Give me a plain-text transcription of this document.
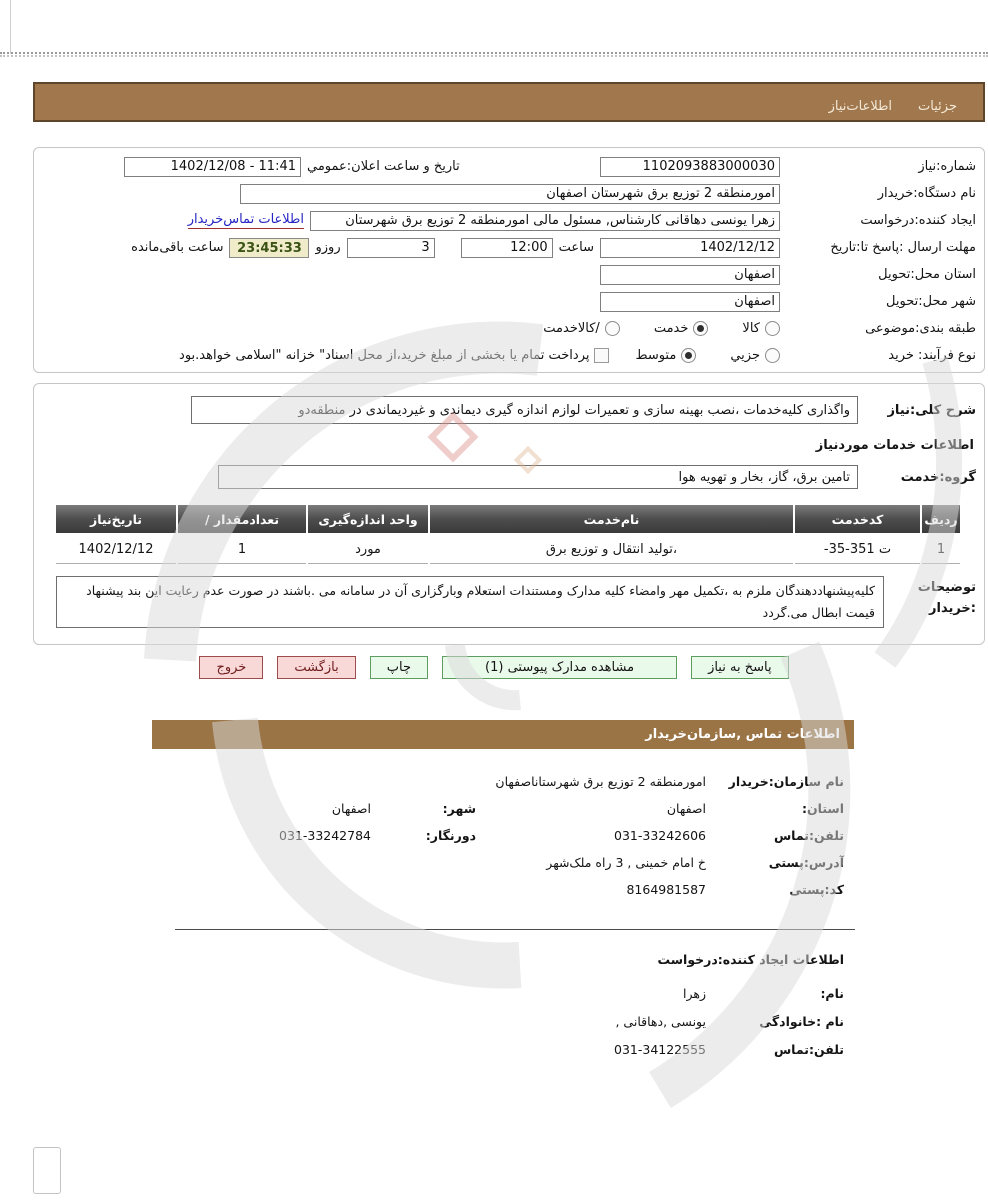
جزئیات
اطلاعات‌نیاز
شماره:نیاز
1102093883000030
تاریخ و ساعت اعلان:عمومي
1402/12/08 - 11:41
نام دستگاه:خریدار
امورمنطقه 2 توزیع برق شهرستان اصفهان
ایجاد کننده:درخواست
زهرا یونسی دهاقانی کارشناس, مسئول مالی امورمنطقه 2 توزیع برق شهرستان
اطلاعات تماس‌خریدار
مهلت ارسال :پاسخ تا:تاریخ
1402/12/12
ساعت
12:00
3
روزو
23:45:33
ساعت باقی‌مانده
استان محل:تحویل
اصفهان
شهر محل:تحویل
اصفهان
طبقه بندی:موضوعی
کالا
خدمت
/کالاخدمت
نوع فرآیند: خرید
جزیي
متوسط
پرداخت تمام یا بخشی از مبلغ خرید،از محل اسناد" خزانه "اسلامی خواهد.بود
شرح کلی:نیاز
واگذاری کلیه‌خدمات ،نصب بهینه سازی و تعمیرات لوازم اندازه گیری دیماندی و غیردیماندی در منطقه‌دو
اطلاعات خدمات موردنیاز
گروه:خدمت
تامین برق، گاز، بخار و تهویه هوا
ردیف	کدخدمت	نام‌خدمت	واحد اندازه‌گیری	تعدادمقدار /	تاریخ‌نیاز
1	ت 351-35-	،تولید انتقال و توزیع برق	مورد	1	1402/12/12
توضیحات
:خریدار
کلیه‌پیشنهاددهندگان ملزم به ،تکمیل مهر وامضاء کلیه مدارک ومستندات استعلام وبارگزاری آن در سامانه می .باشند در صورت عدم رعایت این بند پیشنهاد قیمت ابطال می.گردد
پاسخ به نیاز
مشاهده مدارک پیوستی (1)
چاپ
بازگشت
خروج
اطلاعات تماس ,سازمان‌خریدار
نام سازمان:خریدار
امورمنطقه 2 توزیع برق شهرستاناصفهان
استان:
اصفهان
شهر:
اصفهان
تلفن:تماس
031-33242606
دورنگار:
031-33242784
آدرس:پستی
خ امام خمینی , 3 راه ملک‌شهر
کد:پستی
8164981587
اطلاعات ایجاد کننده:درخواست
نام:
زهرا
نام :خانوادگی
یونسی ,دهاقانی ,
تلفن:تماس
031-34122555
